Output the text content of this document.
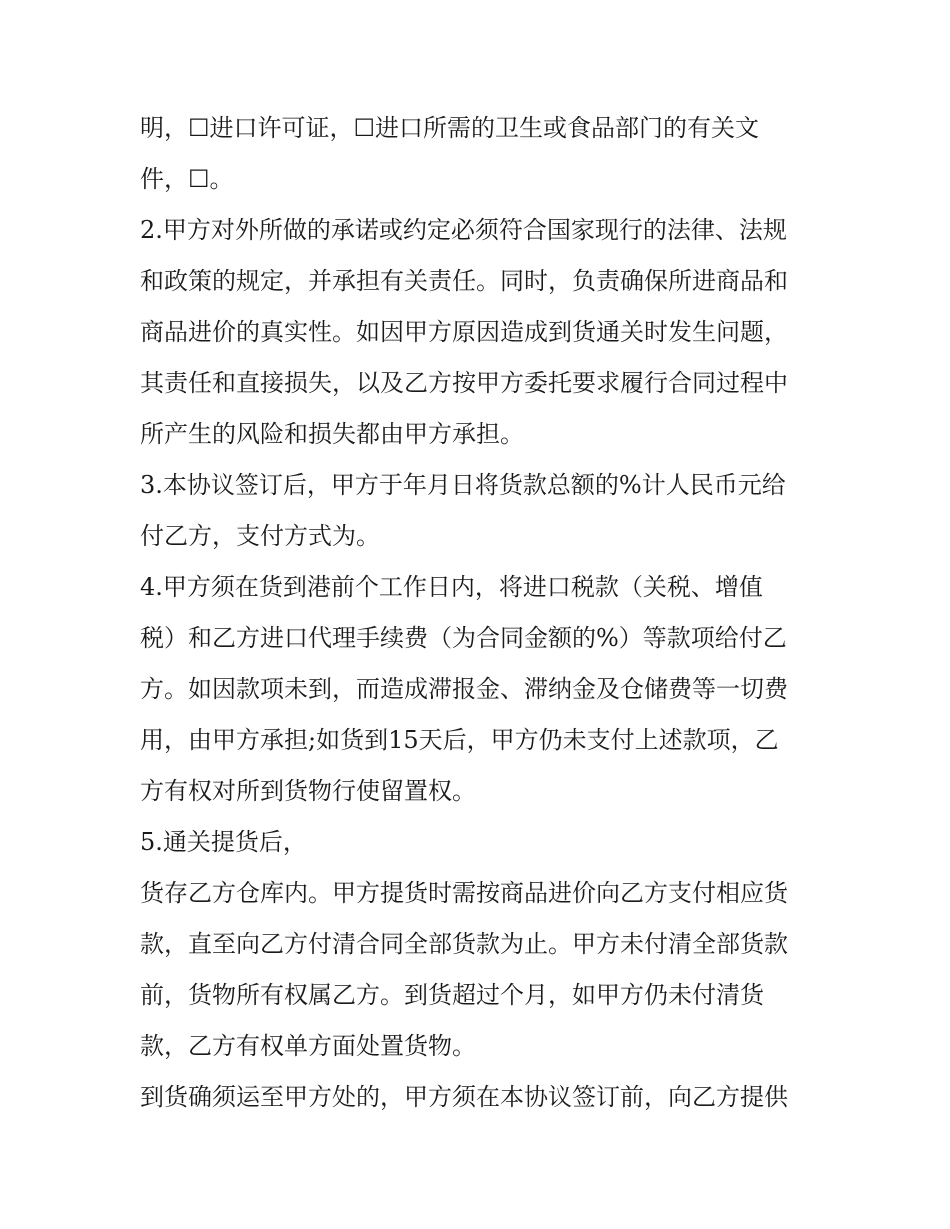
明，☐进口许可证，☐进口所需的卫生或食品部门的有关文
件，☐。
2.甲方对外所做的承诺或约定必须符合国家现行的法律、法规
和政策的规定，并承担有关责任。同时，负责确保所进商品和
商品进价的真实性。如因甲方原因造成到货通关时发生问题，
其责任和直接损失，以及乙方按甲方委托要求履行合同过程中
所产生的风险和损失都由甲方承担。
3.本协议签订后，甲方于年月日将货款总额的%计人民币元给
付乙方，支付方式为。
4.甲方须在货到港前个工作日内，将进口税款（关税、增值
税）和乙方进口代理手续费（为合同金额的%）等款项给付乙
方。如因款项未到，而造成滞报金、滞纳金及仓储费等一切费
用，由甲方承担;如货到15天后，甲方仍未支付上述款项，乙
方有权对所到货物行使留置权。
5.通关提货后，
货存乙方仓库内。甲方提货时需按商品进价向乙方支付相应货
款，直至向乙方付清合同全部货款为止。甲方未付清全部货款
前，货物所有权属乙方。到货超过个月，如甲方仍未付清货
款，乙方有权单方面处置货物。
到货确须运至甲方处的，甲方须在本协议签订前，向乙方提供
